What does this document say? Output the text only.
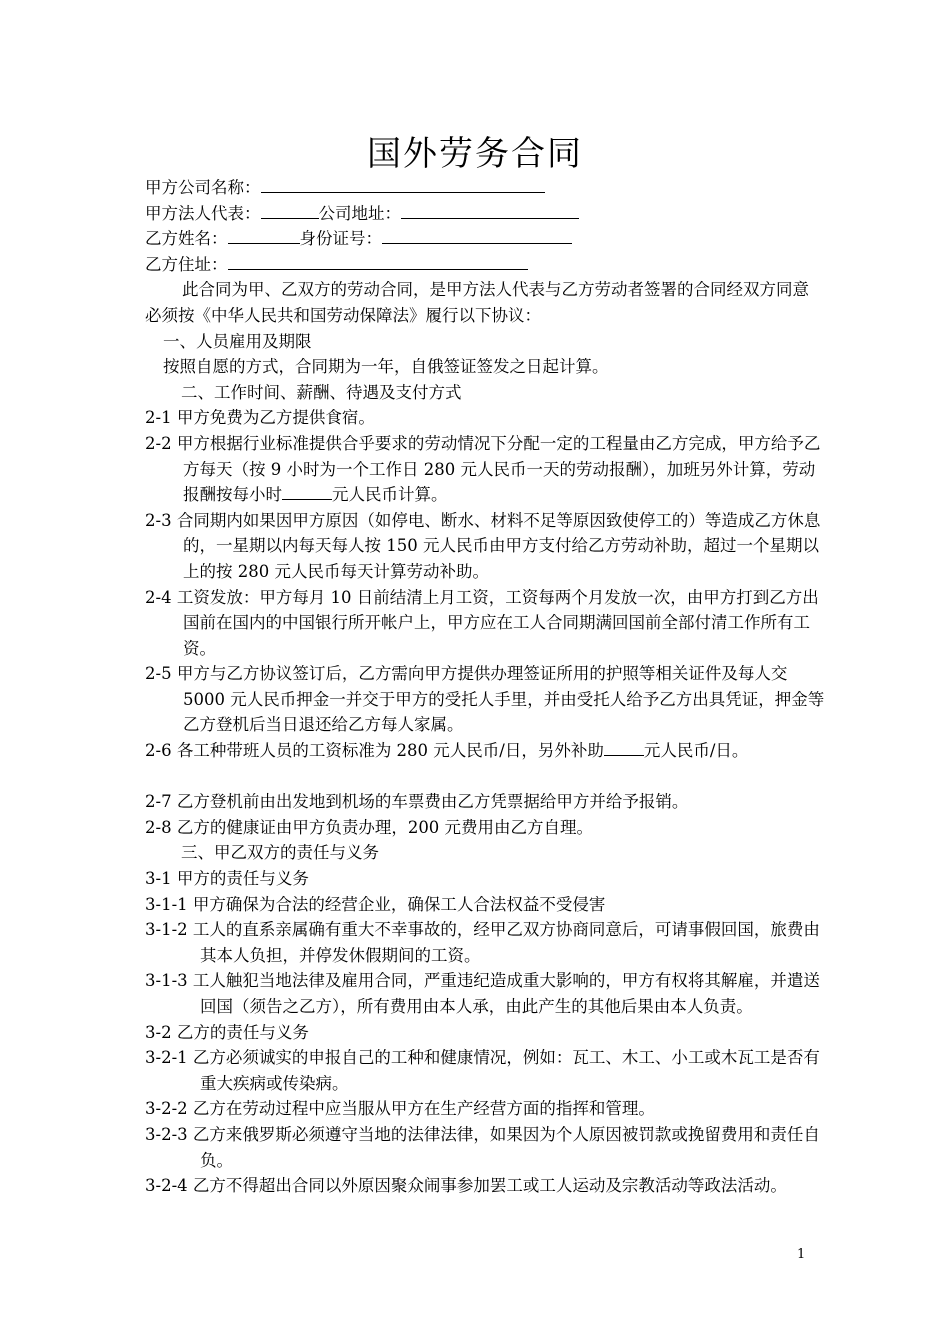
国外劳务合同
甲方公司名称：
甲方法人代表：	公司地址：
乙方姓名：	身份证号：
乙方住址：
此合同为甲、乙双方的劳动合同，是甲方法人代表与乙方劳动者签署的合同经双方同意必须按《中华人民共和国劳动保障法》履行以下协议：
一、人员雇用及期限
按照自愿的方式，合同期为一年，自俄签证签发之日起计算。
二、工作时间、薪酬、待遇及支付方式
2-1 甲方免费为乙方提供食宿。
2-2 甲方根据行业标准提供合乎要求的劳动情况下分配一定的工程量由乙方完成，甲方给予乙方每天（按 9 小时为一个工作日 280 元人民币一天的劳动报酬），加班另外计算，劳动报酬按每小时	元人民币计算。
2-3 合同期内如果因甲方原因（如停电、断水、材料不足等原因致使停工的）等造成乙方休息的，一星期以内每天每人按 150 元人民币由甲方支付给乙方劳动补助，超过一个星期以上的按 280 元人民币每天计算劳动补助。
2-4 工资发放：甲方每月 10 日前结清上月工资，工资每两个月发放一次，由甲方打到乙方出国前在国内的中国银行所开帐户上，甲方应在工人合同期满回国前全部付清工作所有工资。
2-5 甲方与乙方协议签订后，乙方需向甲方提供办理签证所用的护照等相关证件及每人交 5000 元人民币押金一并交于甲方的受托人手里，并由受托人给予乙方出具凭证，押金等乙方登机后当日退还给乙方每人家属。
2-6 各工种带班人员的工资标准为 280 元人民币/日，另外补助 元人民币/日。
2-7 乙方登机前由出发地到机场的车票费由乙方凭票据给甲方并给予报销。
2-8 乙方的健康证由甲方负责办理，200 元费用由乙方自理。
三、甲乙双方的责任与义务
3-1 甲方的责任与义务
3-1-1 甲方确保为合法的经营企业，确保工人合法权益不受侵害
3-1-2 工人的直系亲属确有重大不幸事故的，经甲乙双方协商同意后，可请事假回国，旅费由其本人负担，并停发休假期间的工资。
3-1-3 工人触犯当地法律及雇用合同，严重违纪造成重大影响的，甲方有权将其解雇，并遣送回国（须告之乙方），所有费用由本人承，由此产生的其他后果由本人负责。
3-2 乙方的责任与义务
3-2-1 乙方必须诚实的申报自己的工种和健康情况，例如：瓦工、木工、小工或木瓦工是否有重大疾病或传染病。
3-2-2 乙方在劳动过程中应当服从甲方在生产经营方面的指挥和管理。
3-2-3 乙方来俄罗斯必须遵守当地的法律法律，如果因为个人原因被罚款或挽留费用和责任自负。
3-2-4 乙方不得超出合同以外原因聚众闹事参加罢工或工人运动及宗教活动等政法活动。
1
